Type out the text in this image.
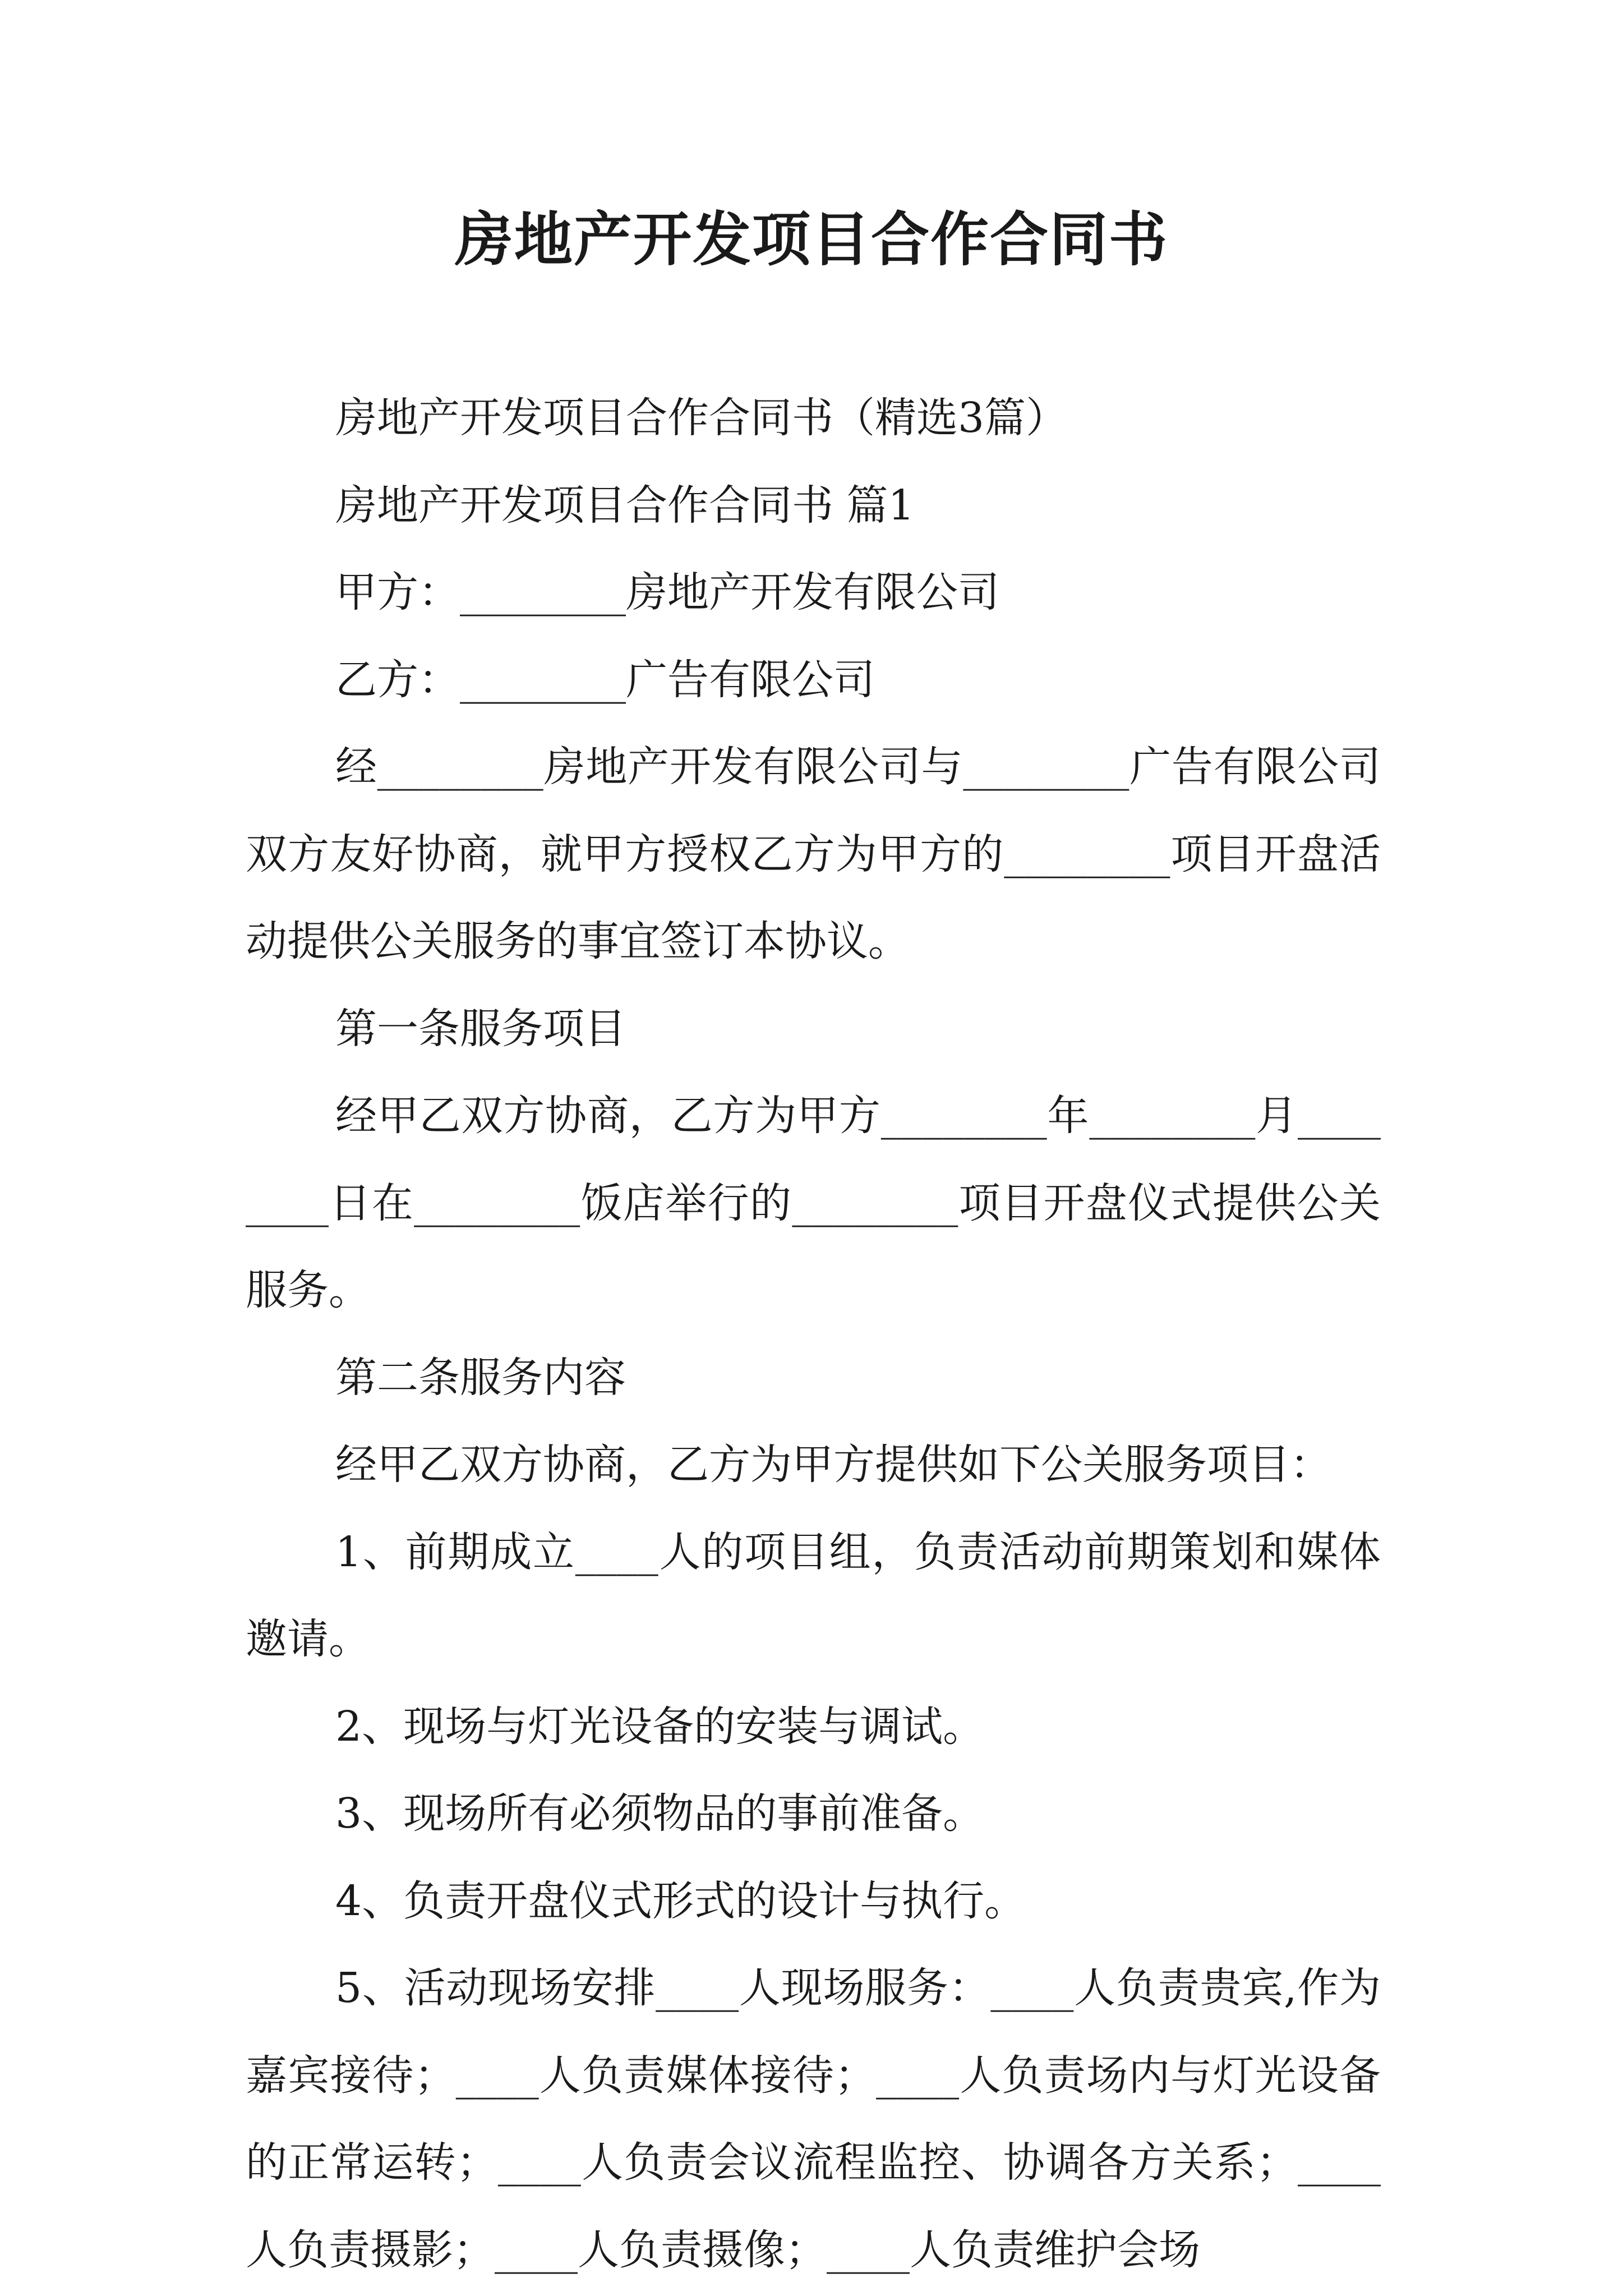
房地产开发项目合作合同书

房地产开发项目合作合同书（精选3篇）

房地产开发项目合作合同书 篇1

甲方：________房地产开发有限公司

乙方：________广告有限公司

经________房地产开发有限公司与________广告有限公司双方友好协商，就甲方授权乙方为甲方的________项目开盘活动提供公关服务的事宜签订本协议。

第一条服务项目

经甲乙双方协商，乙方为甲方________年________月________日在________饭店举行的________项目开盘仪式提供公关服务。

第二条服务内容

经甲乙双方协商，乙方为甲方提供如下公关服务项目：

1、前期成立____人的项目组，负责活动前期策划和媒体邀请。

2、现场与灯光设备的安装与调试。

3、现场所有必须物品的事前准备。

4、负责开盘仪式形式的设计与执行。

5、活动现场安排____人现场服务：____人负责贵宾,作为嘉宾接待；____人负责媒体接待；____人负责场内与灯光设备的正常运转；____人负责会议流程监控、协调各方关系；____人负责摄影；____人负责摄像；____人负责维护会场
